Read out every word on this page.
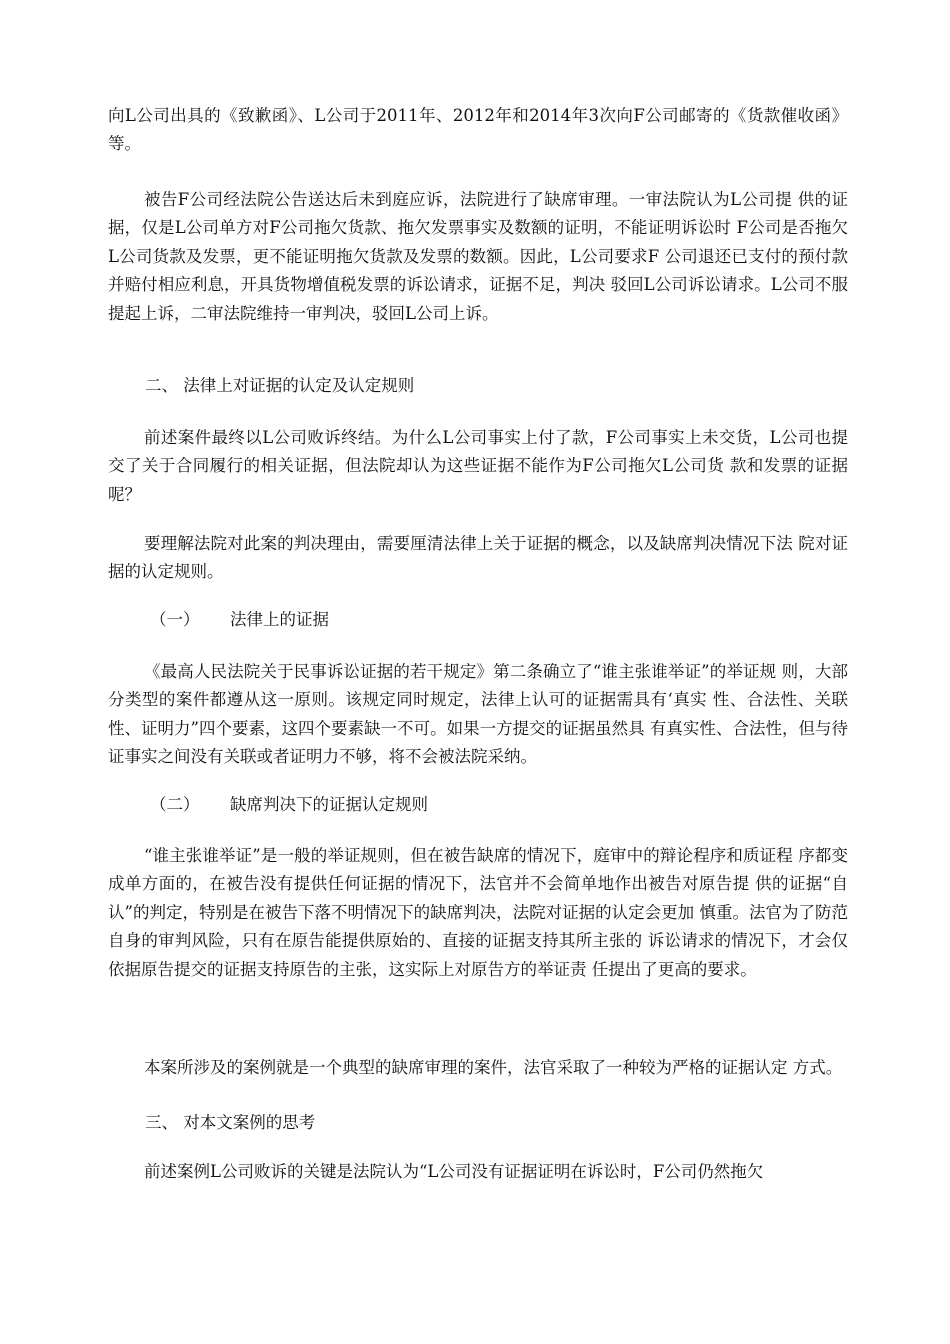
向L公司出具的《致歉函》、L公司于2011年、2012年和2014年3次向F公司邮寄的《货款催收函》等。

被告F公司经法院公告送达后未到庭应诉，法院进行了缺席审理。一审法院认为L公司提 供的证据，仅是L公司单方对F公司拖欠货款、拖欠发票事实及数额的证明，不能证明诉讼时 F公司是否拖欠L公司货款及发票，更不能证明拖欠货款及发票的数额。因此，L公司要求F 公司退还已支付的预付款并赔付相应利息，开具货物增值税发票的诉讼请求，证据不足，判决 驳回L公司诉讼请求。L公司不服提起上诉，二审法院维持一审判决，驳回L公司上诉。

二、 法律上对证据的认定及认定规则

前述案件最终以L公司败诉终结。为什么L公司事实上付了款，F公司事实上未交货，L公司也提交了关于合同履行的相关证据，但法院却认为这些证据不能作为F公司拖欠L公司货 款和发票的证据呢？

要理解法院对此案的判决理由，需要厘清法律上关于证据的概念，以及缺席判决情况下法 院对证据的认定规则。

（一） 法律上的证据

《最高人民法院关于民事诉讼证据的若干规定》第二条确立了“谁主张谁举证”的举证规 则，大部分类型的案件都遵从这一原则。该规定同时规定，法律上认可的证据需具有‘真实 性、合法性、关联性、证明力”四个要素，这四个要素缺一不可。如果一方提交的证据虽然具 有真实性、合法性，但与待证事实之间没有关联或者证明力不够，将不会被法院采纳。

（二） 缺席判决下的证据认定规则

“谁主张谁举证”是一般的举证规则，但在被告缺席的情况下，庭审中的辩论程序和质证程 序都变成单方面的，在被告没有提供任何证据的情况下，法官并不会简单地作出被告对原告提 供的证据“自认”的判定，特别是在被告下落不明情况下的缺席判决，法院对证据的认定会更加 慎重。法官为了防范自身的审判风险，只有在原告能提供原始的、直接的证据支持其所主张的 诉讼请求的情况下，才会仅依据原告提交的证据支持原告的主张，这实际上对原告方的举证责 任提出了更高的要求。

本案所涉及的案例就是一个典型的缺席审理的案件，法官采取了一种较为严格的证据认定 方式。

三、 对本文案例的思考

前述案例L公司败诉的关键是法院认为“L公司没有证据证明在诉讼时，F公司仍然拖欠
